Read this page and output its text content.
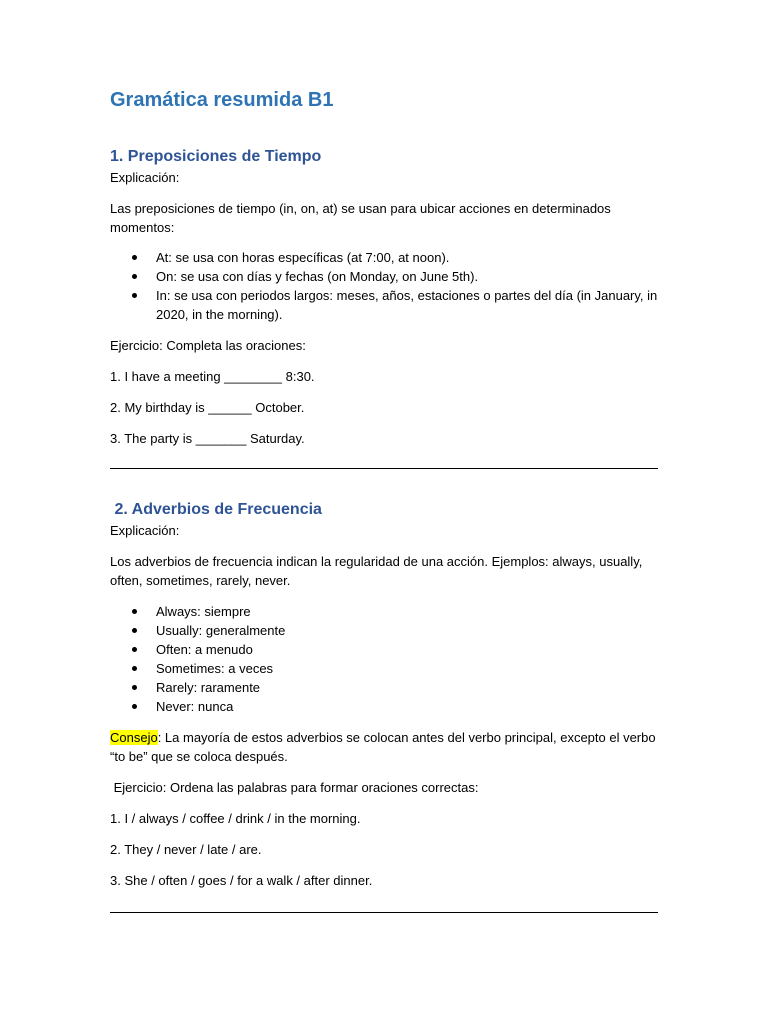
Gramática resumida B1
1. Preposiciones de Tiempo

Explicación:

Las preposiciones de tiempo (in, on, at) se usan para ubicar acciones en determinados momentos:

At: se usa con horas específicas (at 7:00, at noon).
On: se usa con días y fechas (on Monday, on June 5th).
In: se usa con periodos largos: meses, años, estaciones o partes del día (in January, in 2020, in the morning).

Ejercicio: Completa las oraciones:

1. I have a meeting ________ 8:30.

2. My birthday is ______ October.

3. The party is _______ Saturday.

2. Adverbios de Frecuencia

Explicación:

Los adverbios de frecuencia indican la regularidad de una acción. Ejemplos: always, usually, often, sometimes, rarely, never.

Always: siempre
Usually: generalmente
Often: a menudo
Sometimes: a veces
Rarely: raramente
Never: nunca

Consejo: La mayoría de estos adverbios se colocan antes del verbo principal, excepto el verbo “to be” que se coloca después.

Ejercicio: Ordena las palabras para formar oraciones correctas:

1. I / always / coffee / drink / in the morning.

2. They / never / late / are.

3. She / often / goes / for a walk / after dinner.
